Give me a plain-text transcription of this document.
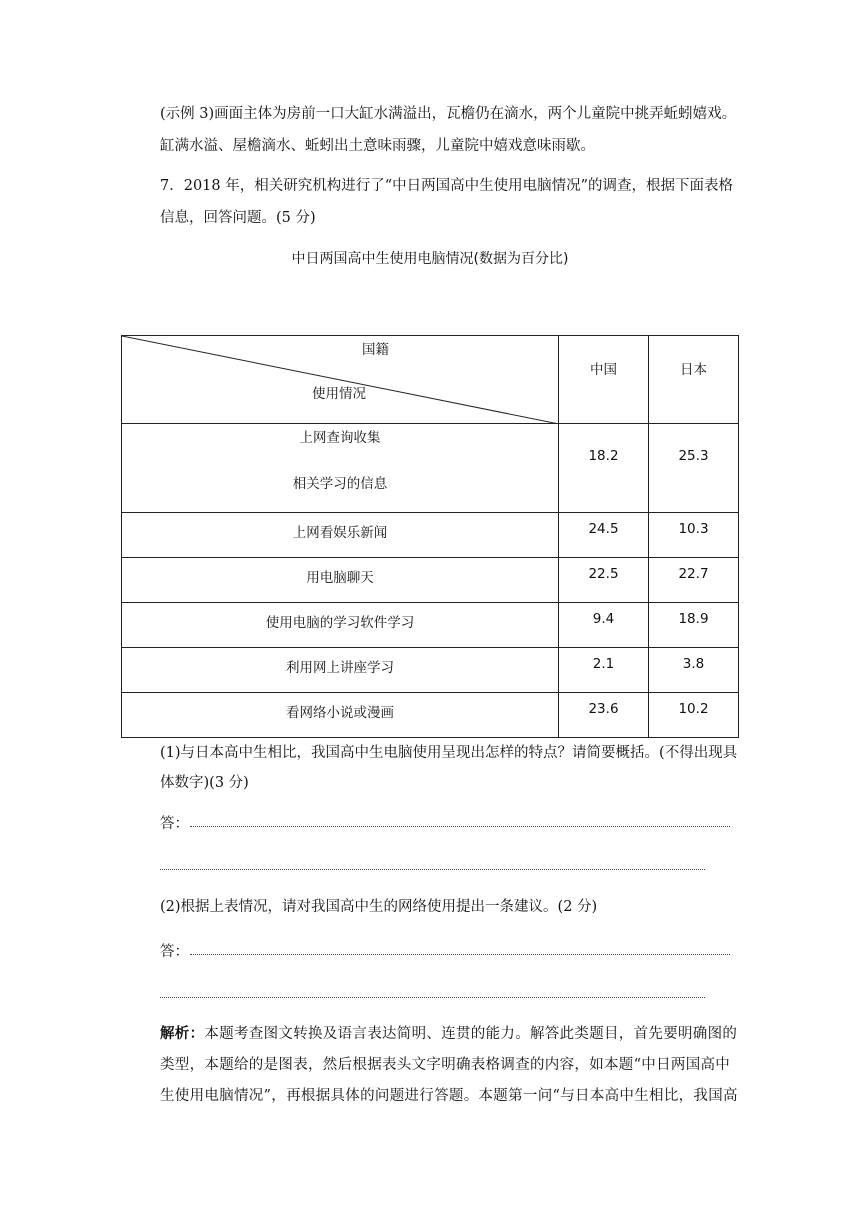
(示例 3)画面主体为房前一口大缸水满溢出，瓦檐仍在滴水，两个儿童院中挑弄蚯蚓嬉戏。缸满水溢、屋檐滴水、蚯蚓出土意味雨骤，儿童院中嬉戏意味雨歇。

7．2018 年，相关研究机构进行了“中日两国高中生使用电脑情况”的调查，根据下面表格信息，回答问题。(5 分)

中日两国高中生使用电脑情况(数据为百分比)
国籍
使用情况	中国	日本

上网查询收集
相关学习的信息	18.2	25.3
上网看娱乐新闻	24.5	10.3
用电脑聊天	22.5	22.7
使用电脑的学习软件学习	9.4	18.9
利用网上讲座学习	2.1	3.8
看网络小说或漫画	23.6	10.2

(1)与日本高中生相比，我国高中生电脑使用呈现出怎样的特点？请简要概括。(不得出现具体数字)(3 分)

答：

(2)根据上表情况，请对我国高中生的网络使用提出一条建议。(2 分)

答：

解析：本题考查图文转换及语言表达简明、连贯的能力。解答此类题目，首先要明确图的类型，本题给的是图表，然后根据表头文字明确表格调查的内容，如本题“中日两国高中生使用电脑情况”，再根据具体的问题进行答题。本题第一问“与日本高中生相比，我国高
